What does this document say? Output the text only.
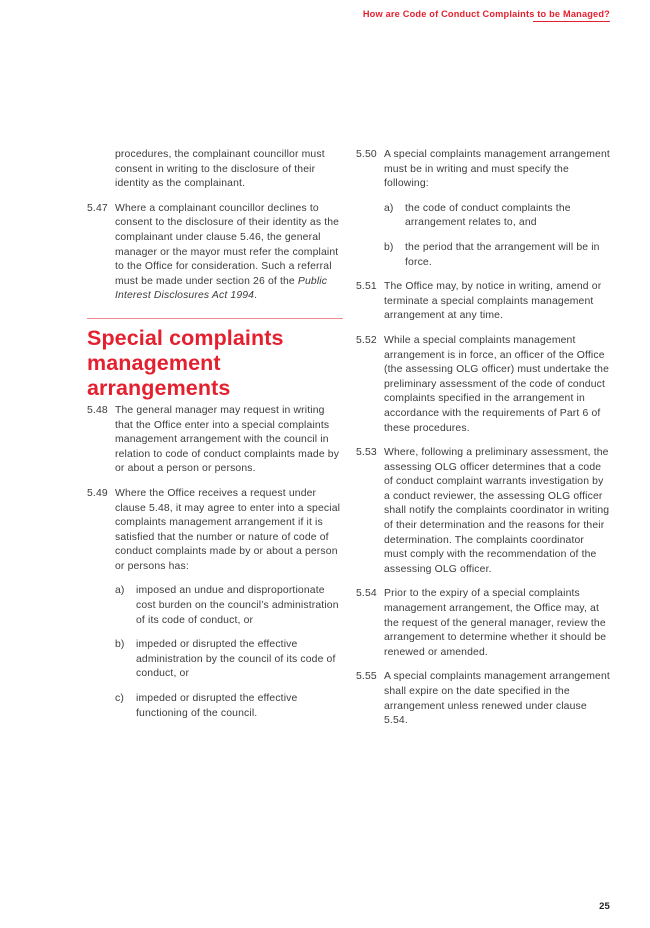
How are Code of Conduct Complaints to be Managed?

procedures, the complainant councillor must consent in writing to the disclosure of their identity as the complainant.

5.47 Where a complainant councillor declines to consent to the disclosure of their identity as the complainant under clause 5.46, the general manager or the mayor must refer the complaint to the Office for consideration. Such a referral must be made under section 26 of the Public Interest Disclosures Act 1994.

Special complaints management arrangements
5.48 The general manager may request in writing that the Office enter into a special complaints management arrangement with the council in relation to code of conduct complaints made by or about a person or persons.

5.49 Where the Office receives a request under clause 5.48, it may agree to enter into a special complaints management arrangement if it is satisfied that the number or nature of code of conduct complaints made by or about a person or persons has:

a) imposed an undue and disproportionate cost burden on the council’s administration of its code of conduct, or

b) impeded or disrupted the effective administration by the council of its code of conduct, or

c) impeded or disrupted the effective functioning of the council.

5.50 A special complaints management arrangement must be in writing and must specify the following:

a) the code of conduct complaints the arrangement relates to, and

b) the period that the arrangement will be in force.

5.51 The Office may, by notice in writing, amend or terminate a special complaints management arrangement at any time.

5.52 While a special complaints management arrangement is in force, an officer of the Office (the assessing OLG officer) must undertake the preliminary assessment of the code of conduct complaints specified in the arrangement in accordance with the requirements of Part 6 of these procedures.

5.53 Where, following a preliminary assessment, the assessing OLG officer determines that a code of conduct complaint warrants investigation by a conduct reviewer, the assessing OLG officer shall notify the complaints coordinator in writing of their determination and the reasons for their determination. The complaints coordinator must comply with the recommendation of the assessing OLG officer.

5.54 Prior to the expiry of a special complaints management arrangement, the Office may, at the request of the general manager, review the arrangement to determine whether it should be renewed or amended.

5.55 A special complaints management arrangement shall expire on the date specified in the arrangement unless renewed under clause 5.54.

25
